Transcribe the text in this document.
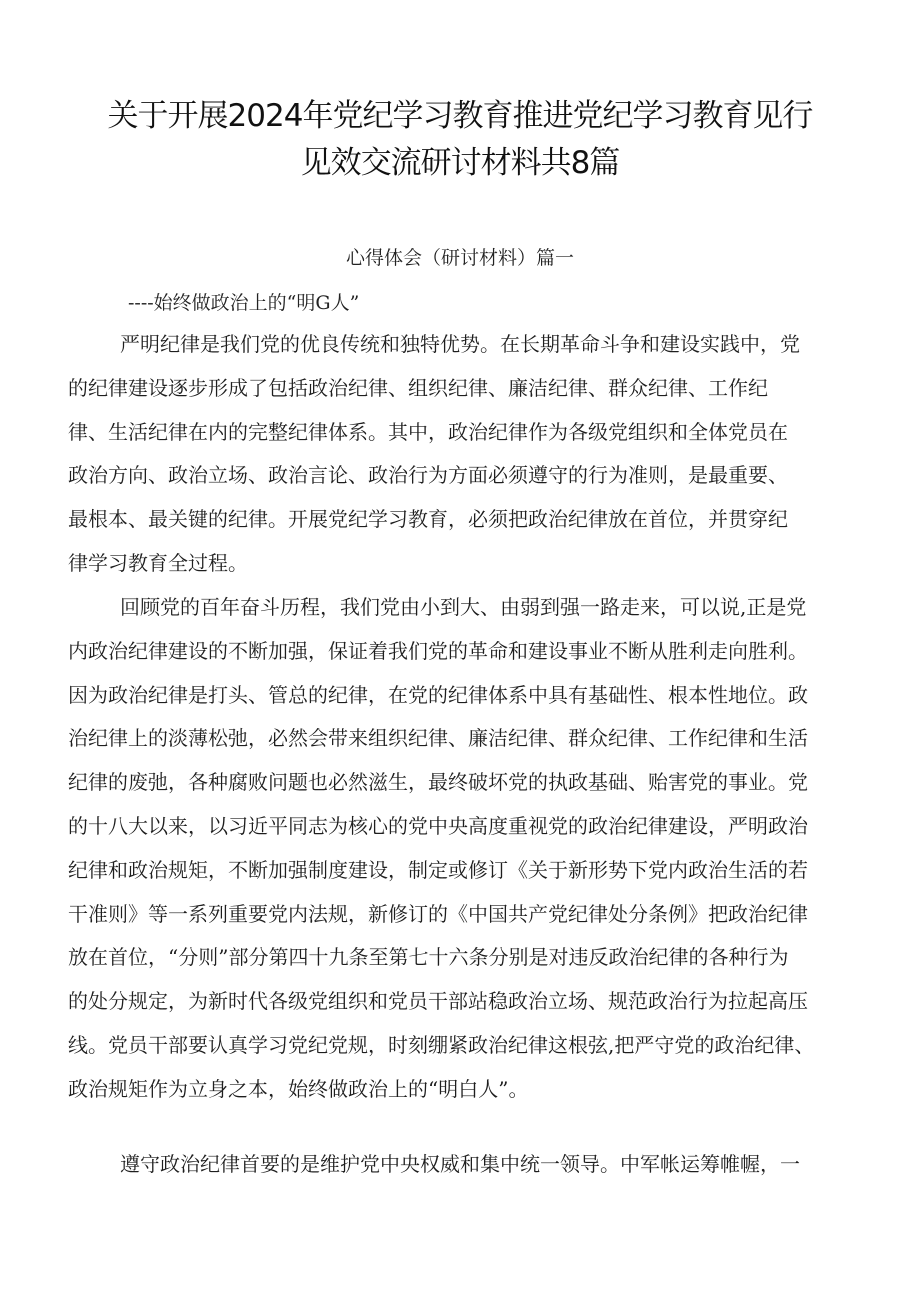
关于开展2024年党纪学习教育推进党纪学习教育见行
见效交流研讨材料共8篇
心得体会（研讨材料）篇一
----始终做政治上的“明G人”
严明纪律是我们党的优良传统和独特优势。在长期革命斗争和建设实践中，党
的纪律建设逐步形成了包括政治纪律、组织纪律、廉洁纪律、群众纪律、工作纪
律、生活纪律在内的完整纪律体系。其中，政治纪律作为各级党组织和全体党员在
政治方向、政治立场、政治言论、政治行为方面必须遵守的行为准则，是最重要、
最根本、最关键的纪律。开展党纪学习教育，必须把政治纪律放在首位，并贯穿纪
律学习教育全过程。
回顾党的百年奋斗历程，我们党由小到大、由弱到强一路走来，可以说,正是党
内政治纪律建设的不断加强，保证着我们党的革命和建设事业不断从胜利走向胜利。
因为政治纪律是打头、管总的纪律，在党的纪律体系中具有基础性、根本性地位。政
治纪律上的淡薄松弛，必然会带来组织纪律、廉洁纪律、群众纪律、工作纪律和生活
纪律的废弛，各种腐败问题也必然滋生，最终破坏党的执政基础、贻害党的事业。党
的十八大以来，以习近平同志为核心的党中央高度重视党的政治纪律建设，严明政治
纪律和政治规矩，不断加强制度建设，制定或修订《关于新形势下党内政治生活的若
干准则》等一系列重要党内法规，新修订的《中国共产党纪律处分条例》把政治纪律
放在首位，“分则”部分第四十九条至第七十六条分别是对违反政治纪律的各种行为
的处分规定，为新时代各级党组织和党员干部站稳政治立场、规范政治行为拉起高压
线。党员干部要认真学习党纪党规，时刻绷紧政治纪律这根弦,把严守党的政治纪律、
政治规矩作为立身之本，始终做政治上的“明白人”。
遵守政治纪律首要的是维护党中央权威和集中统一领导。中军帐运筹帷幄，一
